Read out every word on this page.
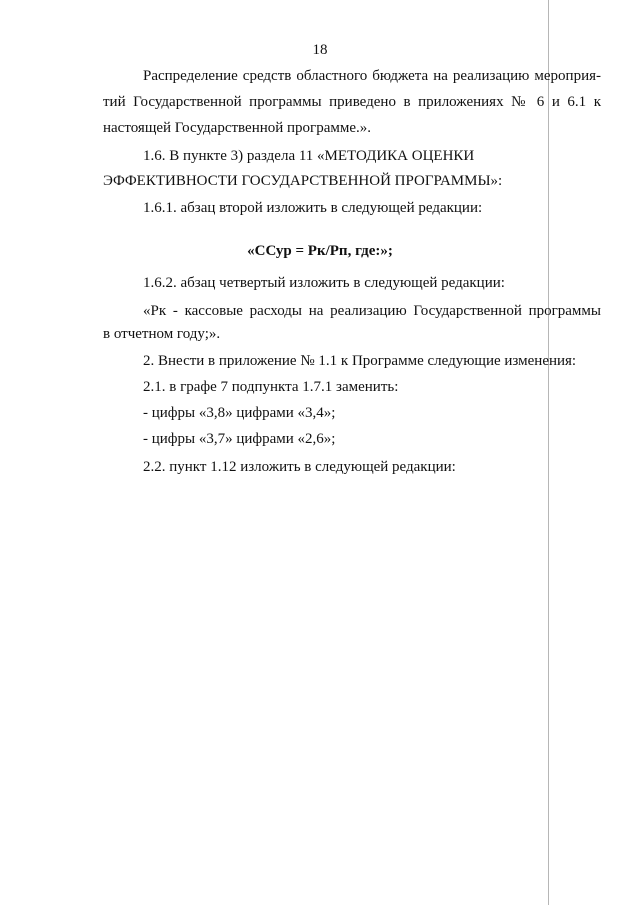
18
Распределение средств областного бюджета на реализацию мероприя-
тий Государственной программы приведено в приложениях № 6 и 6.1 к
настоящей Государственной программе.».
1.6. В пункте 3) раздела 11 «МЕТОДИКА ОЦЕНКИ
ЭФФЕКТИВНОСТИ ГОСУДАРСТВЕННОЙ ПРОГРАММЫ»:
1.6.1. абзац второй изложить в следующей редакции:
«ССур = Рк/Рп, где:»;
1.6.2. абзац четвертый изложить в следующей редакции:
«Рк - кассовые расходы на реализацию Государственной программы
в отчетном году;».
2. Внести в приложение № 1.1 к Программе следующие изменения:
2.1. в графе 7 подпункта 1.7.1 заменить:
- цифры «3,8» цифрами «3,4»;
- цифры «3,7» цифрами «2,6»;
2.2. пункт 1.12 изложить в следующей редакции:
